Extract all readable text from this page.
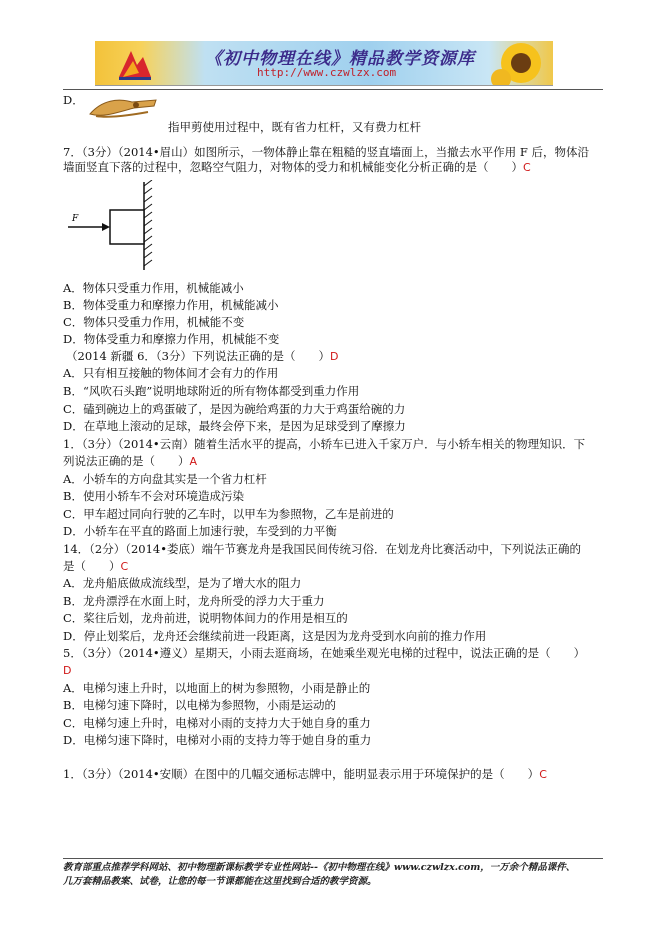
《初中物理在线》精品教学资源库
http://www.czwlzx.com
D．
指甲剪使用过程中，既有省力杠杆，又有费力杠杆
7．（3分）（2014•眉山）如图所示，一物体静止靠在粗糙的竖直墙面上，当撤去水平作用 F 后，物体沿
墙面竖直下落的过程中，忽略空气阻力，对物体的受力和机械能变化分析正确的是（　　）C
F
A．物体只受重力作用，机械能减小
B．物体受重力和摩擦力作用，机械能减小
C．物体只受重力作用，机械能不变
D．物体受重力和摩擦力作用，机械能不变
（2014 新疆 6．（3分）下列说法正确的是（　　）D
A．只有相互接触的物体间才会有力的作用
B．“风吹石头跑”说明地球附近的所有物体都受到重力作用
C．磕到碗边上的鸡蛋破了，是因为碗给鸡蛋的力大于鸡蛋给碗的力
D．在草地上滚动的足球，最终会停下来，是因为足球受到了摩擦力
1．（3分）（2014•云南）随着生活水平的提高，小轿车已进入千家万户．与小轿车相关的物理知识．下
列说法正确的是（　　）A
A．小轿车的方向盘其实是一个省力杠杆
B．使用小轿车不会对环境造成污染
C．甲车超过同向行驶的乙车时，以甲车为参照物，乙车是前进的
D．小轿车在平直的路面上加速行驶，车受到的力平衡
14．（2分）（2014•娄底）端午节赛龙舟是我国民间传统习俗．在划龙舟比赛活动中，下列说法正确的
是（　　）C
A．龙舟船底做成流线型，是为了增大水的阻力
B．龙舟漂浮在水面上时，龙舟所受的浮力大于重力
C．桨往后划，龙舟前进，说明物体间力的作用是相互的
D．停止划桨后，龙舟还会继续前进一段距离，这是因为龙舟受到水向前的推力作用
5．（3分）（2014•遵义）星期天，小雨去逛商场，在她乘坐观光电梯的过程中，说法正确的是（　　）
D
A．电梯匀速上升时，以地面上的树为参照物，小雨是静止的
B．电梯匀速下降时，以电梯为参照物，小雨是运动的
C．电梯匀速上升时，电梯对小雨的支持力大于她自身的重力
D．电梯匀速下降时，电梯对小雨的支持力等于她自身的重力
1．（3分）（2014•安顺）在图中的几幅交通标志牌中，能明显表示用于环境保护的是（　　）C
教育部重点推荐学科网站、初中物理新课标教学专业性网站--《初中物理在线》www.czwlzx.com，一万余个精品课件、
几万套精品教案、试卷，让您的每一节课都能在这里找到合适的教学资源。
